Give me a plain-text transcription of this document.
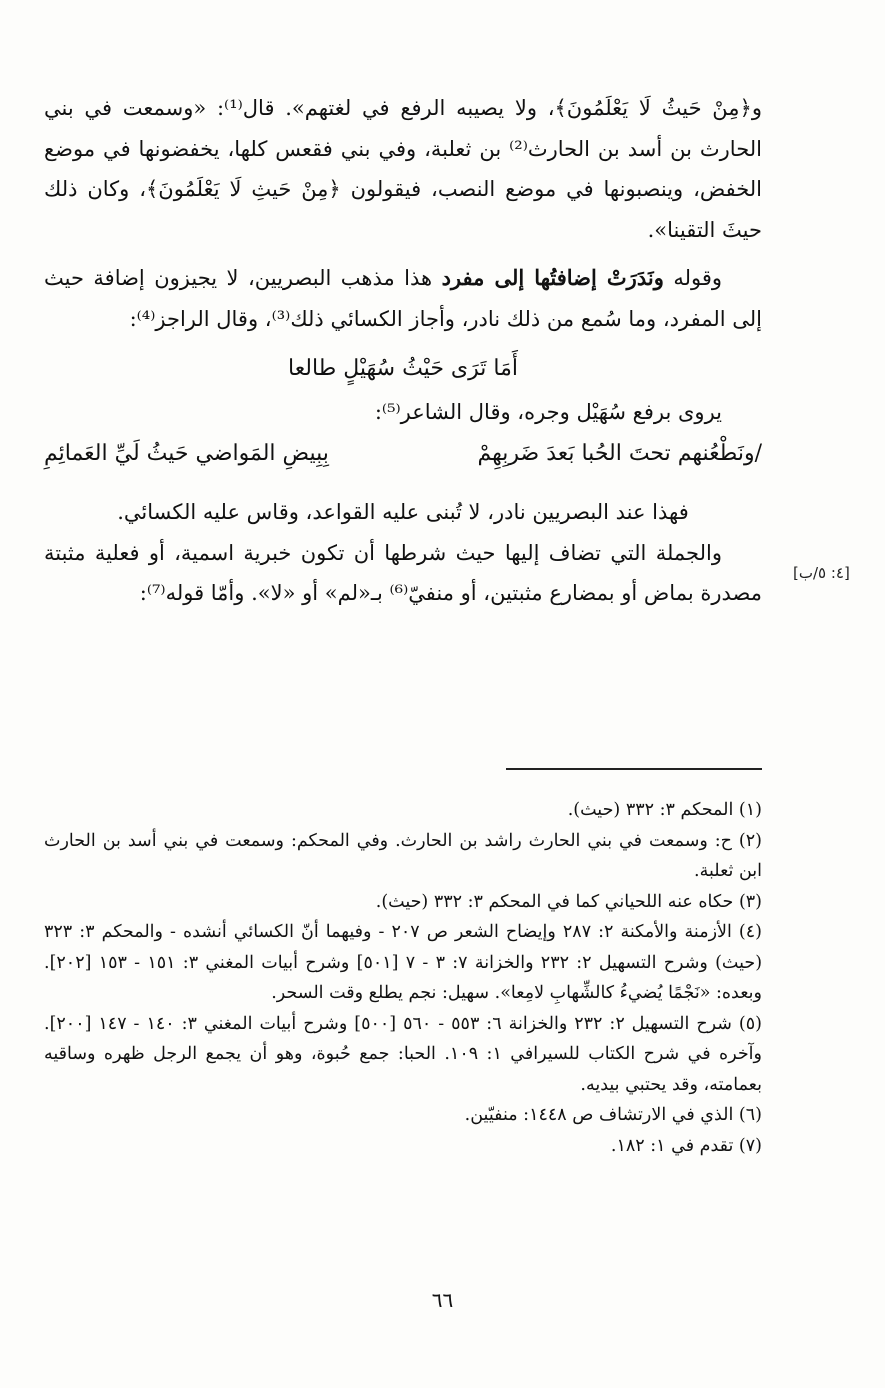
و﴿مِنْ حَيثُ لَا يَعْلَمُونَ﴾، ولا يصيبه الرفع في لغتهم». قال⁽¹⁾: «وسمعت في بني الحارث بن أسد بن الحارث⁽²⁾ بن ثعلبة، وفي بني فقعس كلها، يخفضونها في موضع الخفض، وينصبونها في موضع النصب، فيقولون ﴿مِنْ حَيثِ لَا يَعْلَمُونَ﴾، وكان ذلك حيثَ التقينا».

وقوله ونَدَرَتْ إضافتُها إلى مفرد هذا مذهب البصريين، لا يجيزون إضافة حيث إلى المفرد، وما سُمع من ذلك نادر، وأجاز الكسائي ذلك⁽³⁾، وقال الراجز⁽⁴⁾:

أَمَا تَرَى حَيْثُ سُهَيْلٍ طالعا

يروى برفع سُهَيْل وجره، وقال الشاعر⁽⁵⁾:

/ونَطْعُنهم تحتَ الحُبا بَعدَ ضَربِهِمْ
بِبِيضِ المَواضي حَيثُ لَيِّ العَمائِمِ

فهذا عند البصريين نادر، لا تُبنى عليه القواعد، وقاس عليه الكسائي.

والجملة التي تضاف إليها حيث شرطها أن تكون خبرية اسمية، أو فعلية مثبتة مصدرة بماض أو بمضارع مثبتين، أو منفيّ⁽⁶⁾ بـ«لم» أو «لا». وأمّا قوله⁽⁷⁾:

[٤: ٥/ب]

(١) المحكم ٣: ٣٣٢ (حيث).

(٢) ح: وسمعت في بني الحارث راشد بن الحارث. وفي المحكم: وسمعت في بني أسد بن الحارث ابن ثعلبة.

(٣) حكاه عنه اللحياني كما في المحكم ٣: ٣٣٢ (حيث).

(٤) الأزمنة والأمكنة ٢: ٢٨٧ وإيضاح الشعر ص ٢٠٧ - وفيهما أنّ الكسائي أنشده - والمحكم ٣: ٣٢٣ (حيث) وشرح التسهيل ٢: ٢٣٢ والخزانة ٧: ٣ - ٧ [٥٠١] وشرح أبيات المغني ٣: ١٥١ - ١٥٣ [٢٠٢]. وبعده: «نَجْمًا يُضيءُ كالشِّهابِ لامِعا». سهيل: نجم يطلع وقت السحر.

(٥) شرح التسهيل ٢: ٢٣٢ والخزانة ٦: ٥٥٣ - ٥٦٠ [٥٠٠] وشرح أبيات المغني ٣: ١٤٠ - ١٤٧ [٢٠٠]. وآخره في شرح الكتاب للسيرافي ١: ١٠٩. الحبا: جمع حُبوة، وهو أن يجمع الرجل ظهره وساقيه بعمامته، وقد يحتبي بيديه.

(٦) الذي في الارتشاف ص ١٤٤٨: منفيّين.

(٧) تقدم في ١: ١٨٢.

٦٦
